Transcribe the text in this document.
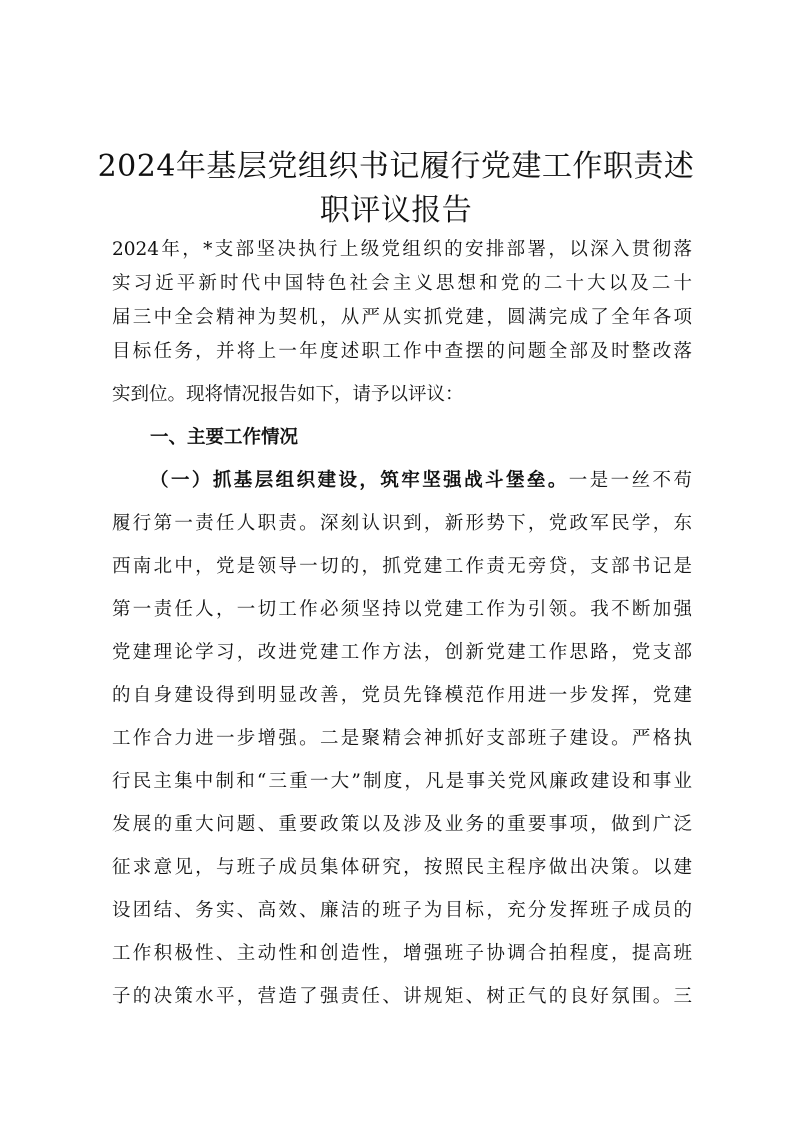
2024年基层党组织书记履行党建工作职责述
职评议报告
2024年，*支部坚决执行上级党组织的安排部署，以深入贯彻落
实习近平新时代中国特色社会主义思想和党的二十大以及二十
届三中全会精神为契机，从严从实抓党建，圆满完成了全年各项
目标任务，并将上一年度述职工作中查摆的问题全部及时整改落
实到位。现将情况报告如下，请予以评议：
一、主要工作情况
（一）抓基层组织建设，筑牢坚强战斗堡垒。一是一丝不苟
履行第一责任人职责。深刻认识到，新形势下，党政军民学，东
西南北中，党是领导一切的，抓党建工作责无旁贷，支部书记是
第一责任人，一切工作必须坚持以党建工作为引领。我不断加强
党建理论学习，改进党建工作方法，创新党建工作思路，党支部
的自身建设得到明显改善，党员先锋模范作用进一步发挥，党建
工作合力进一步增强。二是聚精会神抓好支部班子建设。严格执
行民主集中制和“三重一大”制度，凡是事关党风廉政建设和事业
发展的重大问题、重要政策以及涉及业务的重要事项，做到广泛
征求意见，与班子成员集体研究，按照民主程序做出决策。以建
设团结、务实、高效、廉洁的班子为目标，充分发挥班子成员的
工作积极性、主动性和创造性，增强班子协调合拍程度，提高班
子的决策水平，营造了强责任、讲规矩、树正气的良好氛围。三
